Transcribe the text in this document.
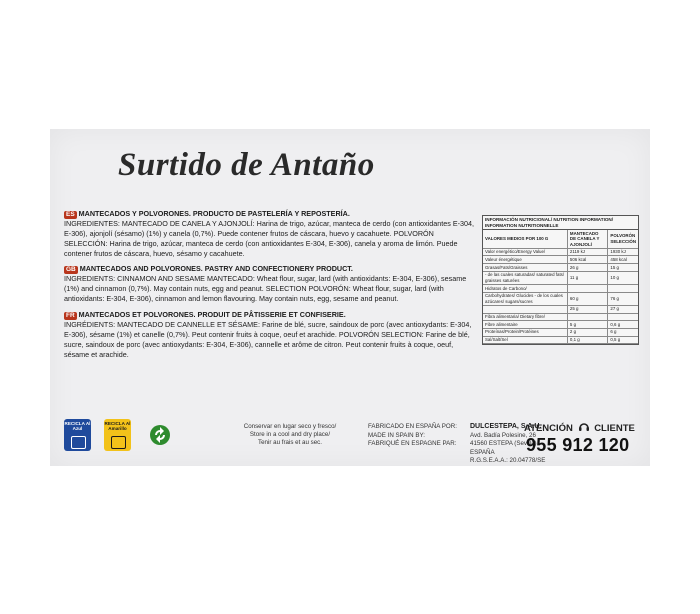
Surtido de Antaño
ES MANTECADOS Y POLVORONES. PRODUCTO DE PASTELERÍA Y REPOSTERÍA.
INGREDIENTES: MANTECADO DE CANELA Y AJONJOLÍ: Harina de trigo, azúcar, manteca de cerdo (con antioxidantes E-304, E-306), ajonjolí (sésamo) (1%) y canela (0,7%). Puede contener frutos de cáscara, huevo y cacahuete. POLVORÓN SELECCIÓN: Harina de trigo, azúcar, manteca de cerdo (con antioxidantes E-304, E-306), canela y aroma de limón. Puede contener frutos de cáscara, huevo, sésamo y cacahuete.
GB MANTECADOS AND POLVORONES. PASTRY AND CONFECTIONERY PRODUCT.
INGREDIENTS: CINNAMON AND SESAME MANTECADO: Wheat flour, sugar, lard (with antioxidants: E-304, E-306), sesame (1%) and cinnamon (0,7%). May contain nuts, egg and peanut. SELECTION POLVORÓN: Wheat flour, sugar, lard (with antioxidants: E-304, E-306), cinnamon and lemon flavouring. May contain nuts, egg, sesame and peanut.
FR MANTECADOS ET POLVORONES. PRODUIT DE PÂTISSERIE ET CONFISERIE.
INGRÉDIENTS: MANTECADO DE CANNELLE ET SÉSAME: Farine de blé, sucre, saindoux de porc (avec antioxydants: E-304, E-306), sésame (1%) et canelle (0,7%). Peut contenir fruits à coque, oeuf et arachide. POLVORÓN SELECTION: Farine de blé, sucre, saindoux de porc (avec antioxydants: E-304, E-306), cannelle et arôme de citron. Peut contenir fruits à coque, oeuf, sésame et arachide.
INFORMACIÓN NUTRICIONAL/ NUTRITION INFORMATION/ INFORMATION NUTRITIONNELLE
VALORES MEDIOS POR 100 G	MANTECADO DE CANELA Y AJONJOLÍ	POLVORÓN SELECCIÓN
Valor energético/Energy Value/	2119 kJ	1930 kJ
Valeur énergétique	506 kcal	458 kcal
Grasas/Fats/Graisses	26 g	15 g
- de las cuales saturadas/ saturated fats/ graisses saturées	11 g	10 g
Hidratos de Carbono/		
Carbohydrates/ Glucides - de los cuales azúcares/ sugars/sucres	60 g	76 g
	25 g	27 g
Fibra alimentaria/ Dietary fibre/		
Fibre alimentaire	5 g	0,6 g
Proteínas/Protein/Protéines	2 g	6 g
Sal/Salt/Sel	0,1 g	0,5 g
RECICLA Al Azul
RECICLA Al Amarillo	Conservar en lugar seco y fresco/
Store in a cool and dry place/
Tenir au frais et au sec.
FABRICADO EN ESPAÑA POR:
MADE IN SPAIN BY:
FABRIQUÉ EN ESPAGNE PAR:
DULCESTEPA, S.A.U.
Avd. Badía Polesine, 26
41560 ESTEPA (Sevilla)
ESPAÑA
R.G.S.E.A.A.: 20.04778/SE
ATENCIÓN CLIENTE
955 912 120
